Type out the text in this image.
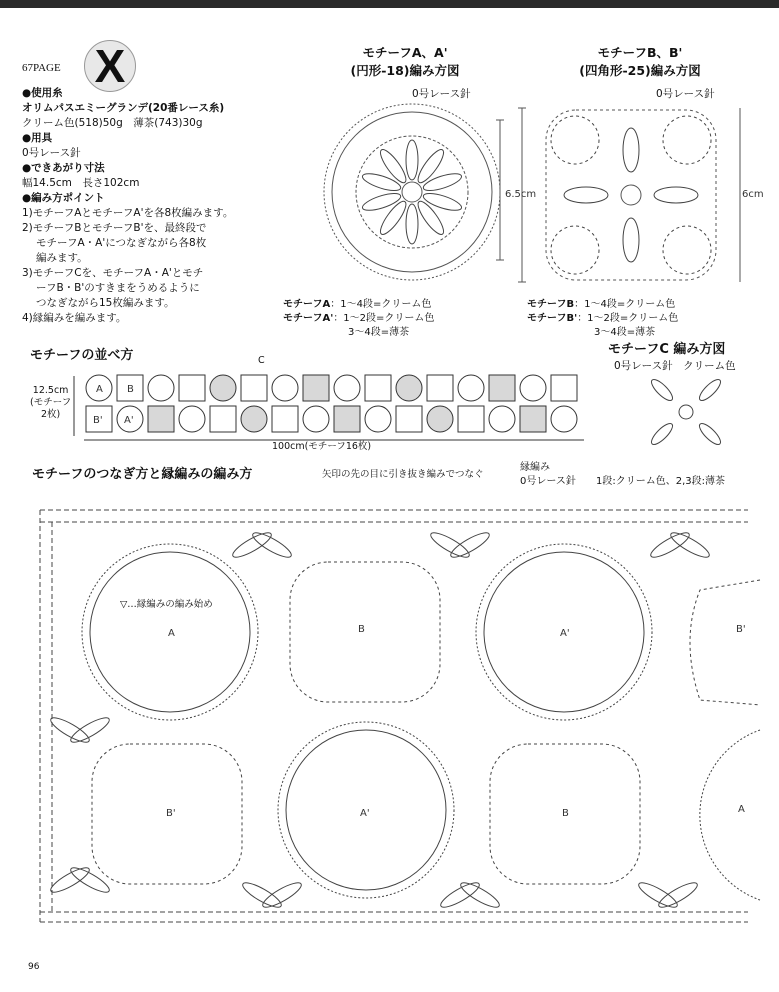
67PAGE X
●使用糸
オリムパスエミーグランデ(20番レース糸)
クリーム色(518)50g　薄茶(743)30g
●用具
0号レース針
●できあがり寸法
幅14.5cm　長さ102cm
●編み方ポイント
1)モチーフAとモチーフA'を各8枚編みます。
2)モチーフBとモチーフB'を、最終段で
モチーフA・A'につなぎながら各8枚
編みます。
3)モチーフCを、モチーフA・A'とモチ
ーフB・B'のすきまをうめるように
つなぎながら15枚編みます。
4)縁編みを編みます。
モチーフA、A'
(円形-18)編み方図
0号レース針
モチーフB、B'
(四角形-25)編み方図
0号レース針
モチーフA：1～4段=クリーム色
モチーフA'：1～2段=クリーム色
3～4段=薄茶
モチーフB：1～4段=クリーム色
モチーフB'：1～2段=クリーム色
3～4段=薄茶
モチーフC 編み方図
0号レース針　クリーム色
モチーフの並べ方	C
12.5cm
(モチーフ
2枚)
100cm(モチーフ16枚)
モチーフのつなぎ方と縁編みの編み方	矢印の先の目に引き抜き編みでつなぐ
縁編み
0号レース針 1段:クリーム色、2,3段:薄茶
▽…縁編みの編み始め
96
A B
B' A'
6.5cm	6cm
A	B	A'	B'
B'	A'	B	A
